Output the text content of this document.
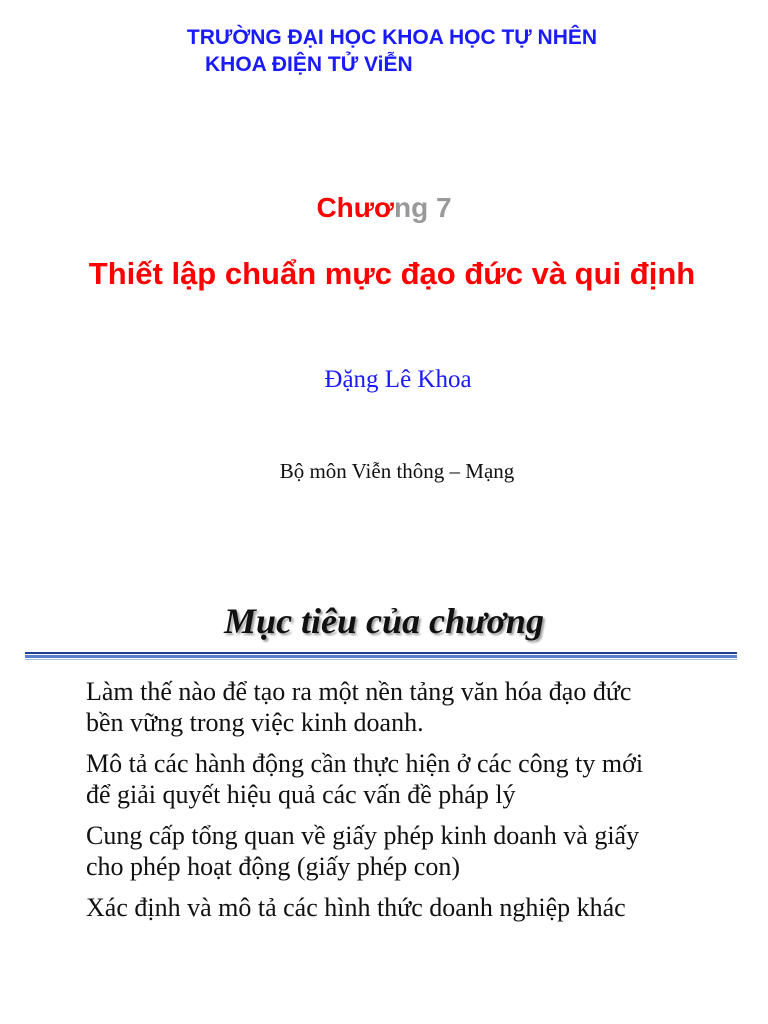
TRƯỜNG ĐẠI HỌC KHOA HỌC TỰ NHÊN
KHOA ĐIỆN TỬ ViỄN
Chương 7
Thiết lập chuẩn mực đạo đức và qui định
Đặng Lê Khoa
Bộ môn Viễn thông – Mạng
Mục tiêu của chương
Làm thế nào để tạo ra một nền tảng văn hóa đạo đức
bền vững trong việc kinh doanh.
Mô tả các hành động cần thực hiện ở các công ty mới
để giải quyết hiệu quả các vấn đề pháp lý
Cung cấp tổng quan về giấy phép kinh doanh và giấy
cho phép hoạt động (giấy phép con)
Xác định và mô tả các hình thức doanh nghiệp khác
